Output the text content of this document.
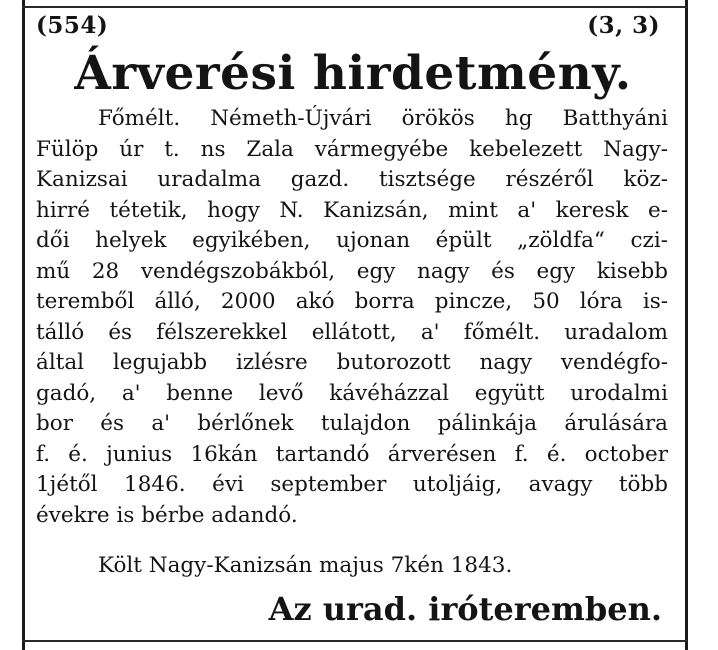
(554)	(3, 3)
Árverési hirdetmény.
Főmélt. Németh-Újvári örökös hg Batthyáni
Fülöp úr t. ns Zala vármegyébe kebelezett Nagy-
Kanizsai uradalma gazd. tisztsége részéről köz-
hirré tétetik, hogy N. Kanizsán, mint a' keresk e-
dői helyek egyikében, ujonan épült „zöldfa“ czi-
mű 28 vendégszobákból, egy nagy és egy kisebb
teremből álló, 2000 akó borra pincze, 50 lóra is-
tálló és félszerekkel ellátott, a' főmélt. uradalom
által legujabb izlésre butorozott nagy vendégfo-
gadó, a' benne levő kávéházzal együtt urodalmi
bor és a' bérlőnek tulajdon pálinkája árulására
f. é. junius 16kán tartandó árverésen f. é. october
1jétől 1846. évi september utoljáig, avagy több
évekre is bérbe adandó.
Költ Nagy-Kanizsán majus 7kén 1843.
Az urad. iróteremben.
